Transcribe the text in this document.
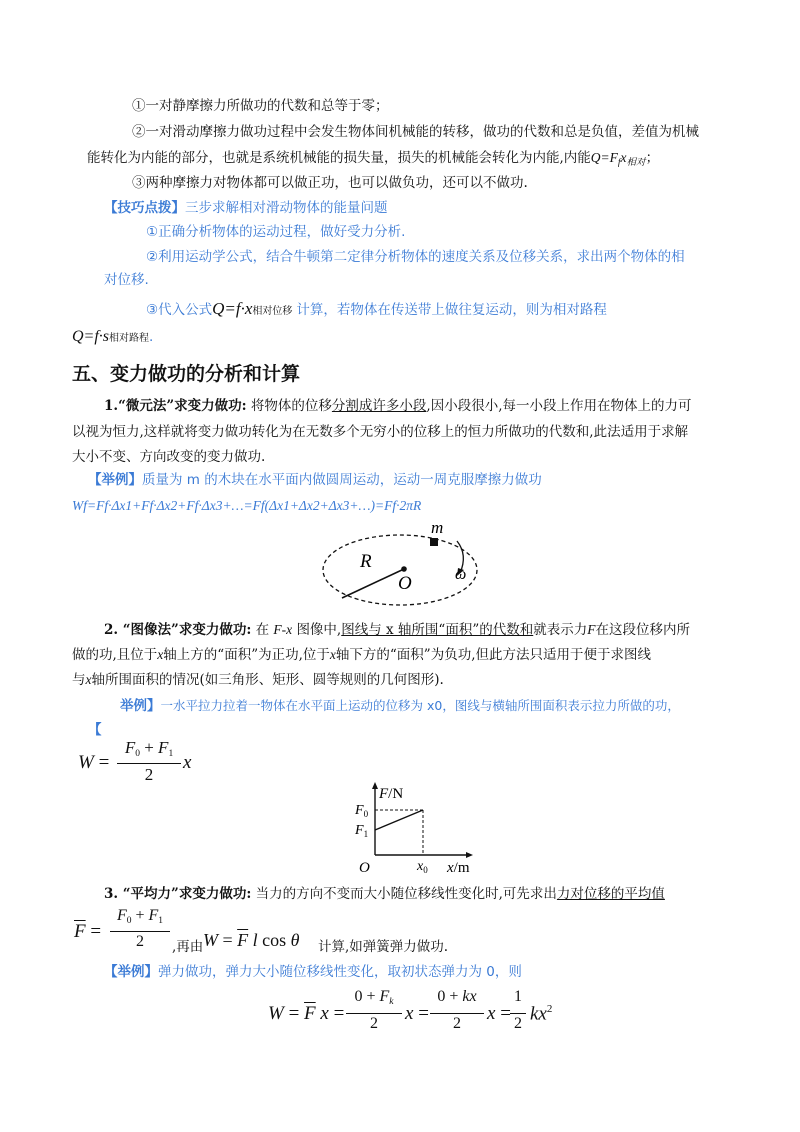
①一对静摩擦力所做功的代数和总等于零；
②一对滑动摩擦力做功过程中会发生物体间机械能的转移，做功的代数和总是负值，差值为机械
能转化为内能的部分，也就是系统机械能的损失量，损失的机械能会转化为内能,内能$Q=F_fx_{相对}$；
③两种摩擦力对物体都可以做正功，也可以做负功，还可以不做功.
【技巧点拨】三步求解相对滑动物体的能量问题
①正确分析物体的运动过程，做好受力分析.
②利用运动学公式，结合牛顿第二定律分析物体的速度关系及位移关系，求出两个物体的相
对位移.
③代入公式Q=f·x相对位移 计算，若物体在传送带上做往复运动，则为相对路程
Q=f·s相对路程.
五、变力做功的分析和计算
1.“微元法”求变力做功: 将物体的位移分割成许多小段,因小段很小,每一小段上作用在物体上的力可
以视为恒力,这样就将变力做功转化为在无数多个无穷小的位移上的恒力所做功的代数和,此法适用于求解
大小不变、方向改变的变力做功.
【举例】质量为 m 的木块在水平面内做圆周运动，运动一周克服摩擦力做功
Wf=Ff·Δx1+Ff·Δx2+Ff·Δx3+…=Ff(Δx1+Δx2+Δx3+…)=Ff·2πR
m
R
O	ω
2. “图像法”求变力做功: 在 F-x 图像中,图线与 x 轴所围“面积”的代数和就表示力F在这段位移内所
做的功,且位于x轴上方的“面积”为正功,位于x轴下方的“面积”为负功,但此方法只适用于便于求图线
与x轴所围面积的情况(如三角形、矩形、圆等规则的几何图形).
举例】一水平拉力拉着一物体在水平面上运动的位移为 x0，图线与横轴所围面积表示拉力所做的功，
【
W =
$F_0 + F_1$
2
x
F/N
$F_0$
$F_1$
O	$x_0$ x/m
3. “平均力”求变力做功: 当力的方向不变而大小随位移线性变化时,可先求出力对位移的平均值
$\overline{F}$ =
$F_0 + F_1$
2	,再由 $W = \overline{F}$ l cos θ 计算,如弹簧弹力做功.
【举例】弹力做功，弹力大小随位移线性变化，取初状态弹力为 0，则
$W = \overline{F}$ x =
$0 + F_k$
2	x =
0 + kx
2	x =
1
2 $kx^2$
